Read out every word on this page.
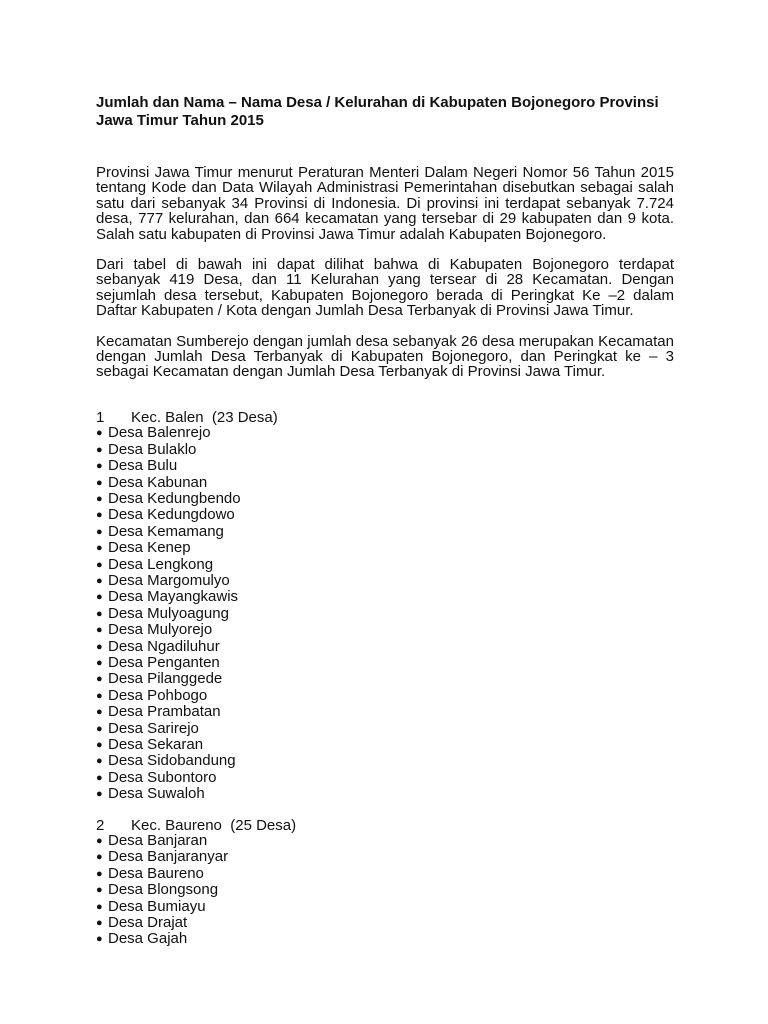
Jumlah dan Nama – Nama Desa / Kelurahan di Kabupaten Bojonegoro Provinsi Jawa Timur Tahun 2015

Provinsi Jawa Timur menurut Peraturan Menteri Dalam Negeri Nomor 56 Tahun 2015 tentang Kode dan Data Wilayah Administrasi Pemerintahan disebutkan sebagai salah satu dari sebanyak 34 Provinsi di Indonesia. Di provinsi ini terdapat sebanyak 7.724 desa, 777 kelurahan, dan 664 kecamatan yang tersebar di 29 kabupaten dan 9 kota. Salah satu kabupaten di Provinsi Jawa Timur adalah Kabupaten Bojonegoro.

Dari tabel di bawah ini dapat dilihat bahwa di Kabupaten Bojonegoro terdapat sebanyak 419 Desa, dan 11 Kelurahan yang tersear di 28 Kecamatan. Dengan sejumlah desa tersebut, Kabupaten Bojonegoro berada di Peringkat Ke –2 dalam Daftar Kabupaten / Kota dengan Jumlah Desa Terbanyak di Provinsi Jawa Timur.

Kecamatan Sumberejo dengan jumlah desa sebanyak 26 desa merupakan Kecamatan dengan Jumlah Desa Terbanyak di Kabupaten Bojonegoro, dan Peringkat ke – 3 sebagai Kecamatan dengan Jumlah Desa Terbanyak di Provinsi Jawa Timur.

1 Kec. Balen  (23 Desa)
● Desa Balenrejo
● Desa Bulaklo
● Desa Bulu
● Desa Kabunan
● Desa Kedungbendo
● Desa Kedungdowo
● Desa Kemamang
● Desa Kenep
● Desa Lengkong
● Desa Margomulyo
● Desa Mayangkawis
● Desa Mulyoagung
● Desa Mulyorejo
● Desa Ngadiluhur
● Desa Penganten
● Desa Pilanggede
● Desa Pohbogo
● Desa Prambatan
● Desa Sarirejo
● Desa Sekaran
● Desa Sidobandung
● Desa Subontoro
● Desa Suwaloh
2 Kec. Baureno  (25 Desa)
● Desa Banjaran
● Desa Banjaranyar
● Desa Baureno
● Desa Blongsong
● Desa Bumiayu
● Desa Drajat
● Desa Gajah
